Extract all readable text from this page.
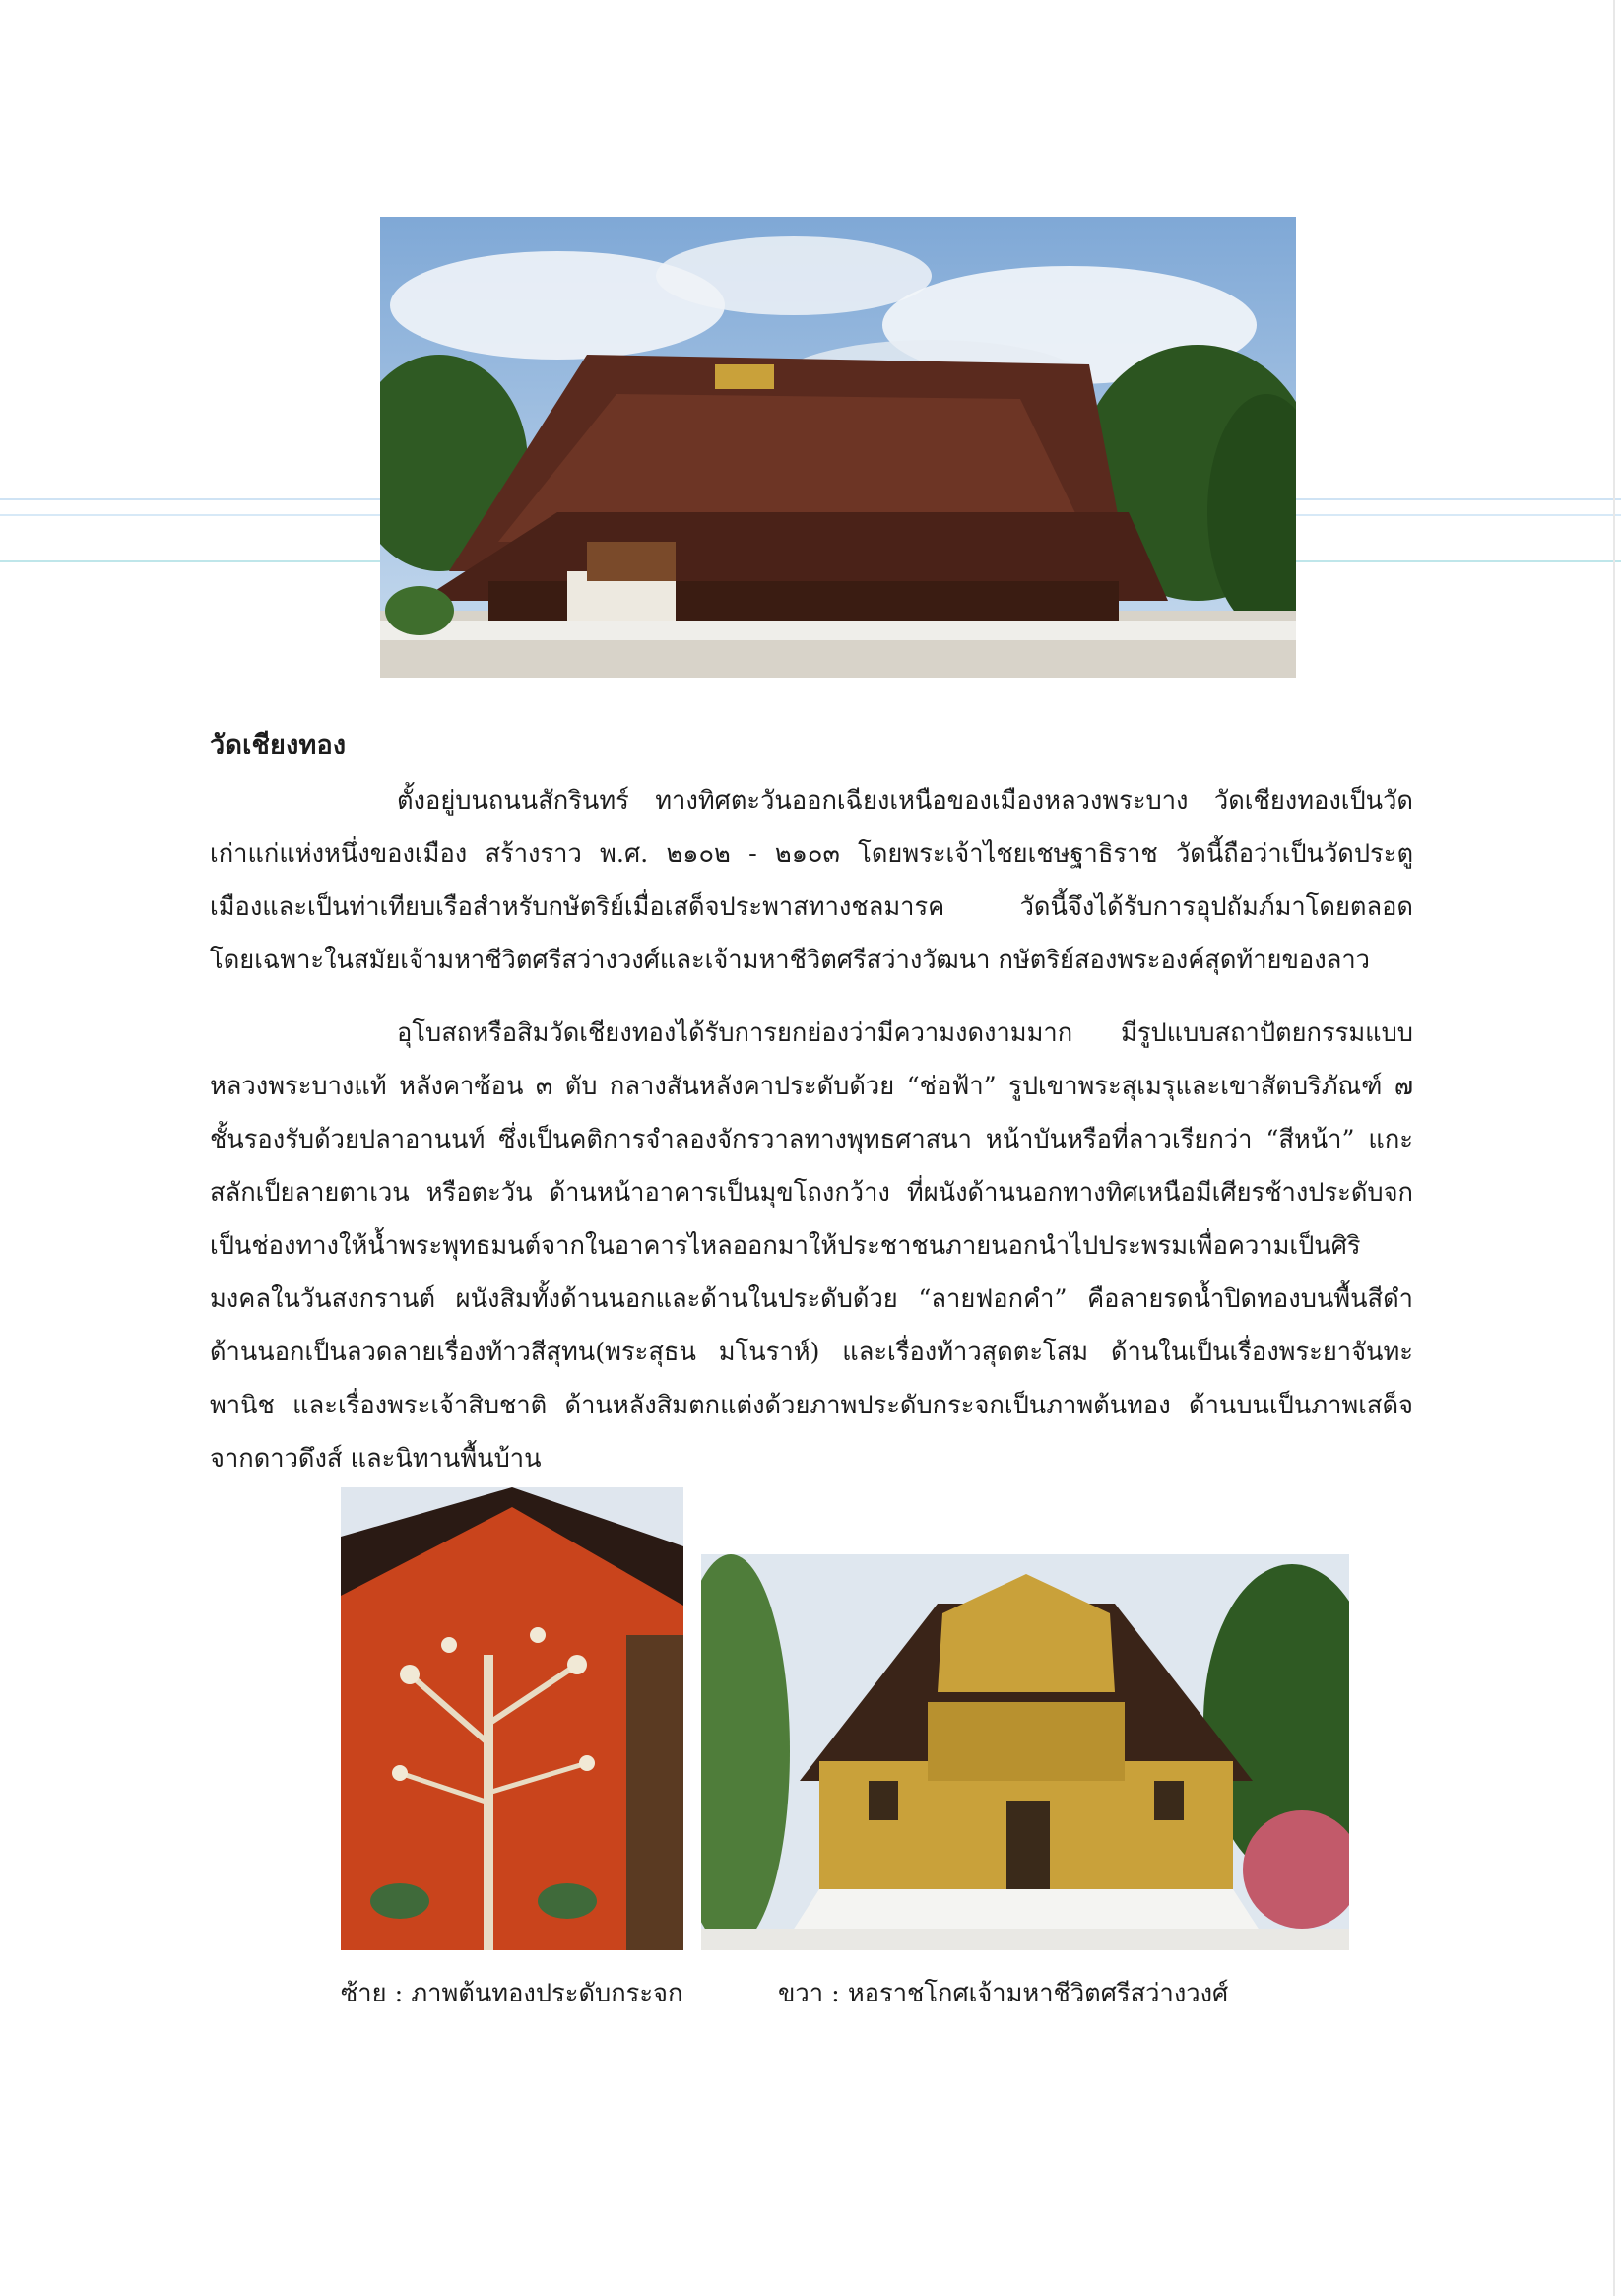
วัดเชียงทอง
ตั้งอยู่บนถนนสักรินทร์ ทางทิศตะวันออกเฉียงเหนือของเมืองหลวงพระบาง วัดเชียงทองเป็นวัด
เก่าแก่แห่งหนึ่งของเมือง สร้างราว พ.ศ. ๒๑๐๒ - ๒๑๐๓ โดยพระเจ้าไชยเชษฐาธิราช วัดนี้ถือว่าเป็นวัดประตู
เมืองและเป็นท่าเทียบเรือสำหรับกษัตริย์เมื่อเสด็จประพาสทางชลมารค วัดนี้จึงได้รับการอุปถัมภ์มาโดยตลอด
โดยเฉพาะในสมัยเจ้ามหาชีวิตศรีสว่างวงศ์และเจ้ามหาชีวิตศรีสว่างวัฒนา กษัตริย์สองพระองค์สุดท้ายของลาว
อุโบสถหรือสิมวัดเชียงทองได้รับการยกย่องว่ามีความงดงามมาก มีรูปแบบสถาปัตยกรรมแบบ
หลวงพระบางแท้ หลังคาซ้อน ๓ ตับ กลางสันหลังคาประดับด้วย “ช่อฟ้า” รูปเขาพระสุเมรุและเขาสัตบริภัณฑ์ ๗
ชั้นรองรับด้วยปลาอานนท์ ซึ่งเป็นคติการจำลองจักรวาลทางพุทธศาสนา หน้าบันหรือที่ลาวเรียกว่า “สีหน้า” แกะ
สลักเป็ยลายตาเวน หรือตะวัน ด้านหน้าอาคารเป็นมุขโถงกว้าง ที่ผนังด้านนอกทางทิศเหนือมีเศียรช้างประดับจก
เป็นช่องทางให้น้ำพระพุทธมนต์จากในอาคารไหลออกมาให้ประชาชนภายนอกนำไปประพรมเพื่อความเป็นศิริ
มงคลในวันสงกรานต์ ผนังสิมทั้งด้านนอกและด้านในประดับด้วย “ลายฟอกคำ” คือลายรดน้ำปิดทองบนพื้นสีดำ
ด้านนอกเป็นลวดลายเรื่องท้าวสีสุทน(พระสุธน มโนราห์) และเรื่องท้าวสุดตะโสม ด้านในเป็นเรื่องพระยาจันทะ
พานิช และเรื่องพระเจ้าสิบชาติ ด้านหลังสิมตกแต่งด้วยภาพประดับกระจกเป็นภาพต้นทอง ด้านบนเป็นภาพเสด็จ
จากดาวดึงส์ และนิทานพื้นบ้าน
ซ้าย : ภาพต้นทองประดับกระจก	ขวา : หอราชโกศเจ้ามหาชีวิตศรีสว่างวงศ์
